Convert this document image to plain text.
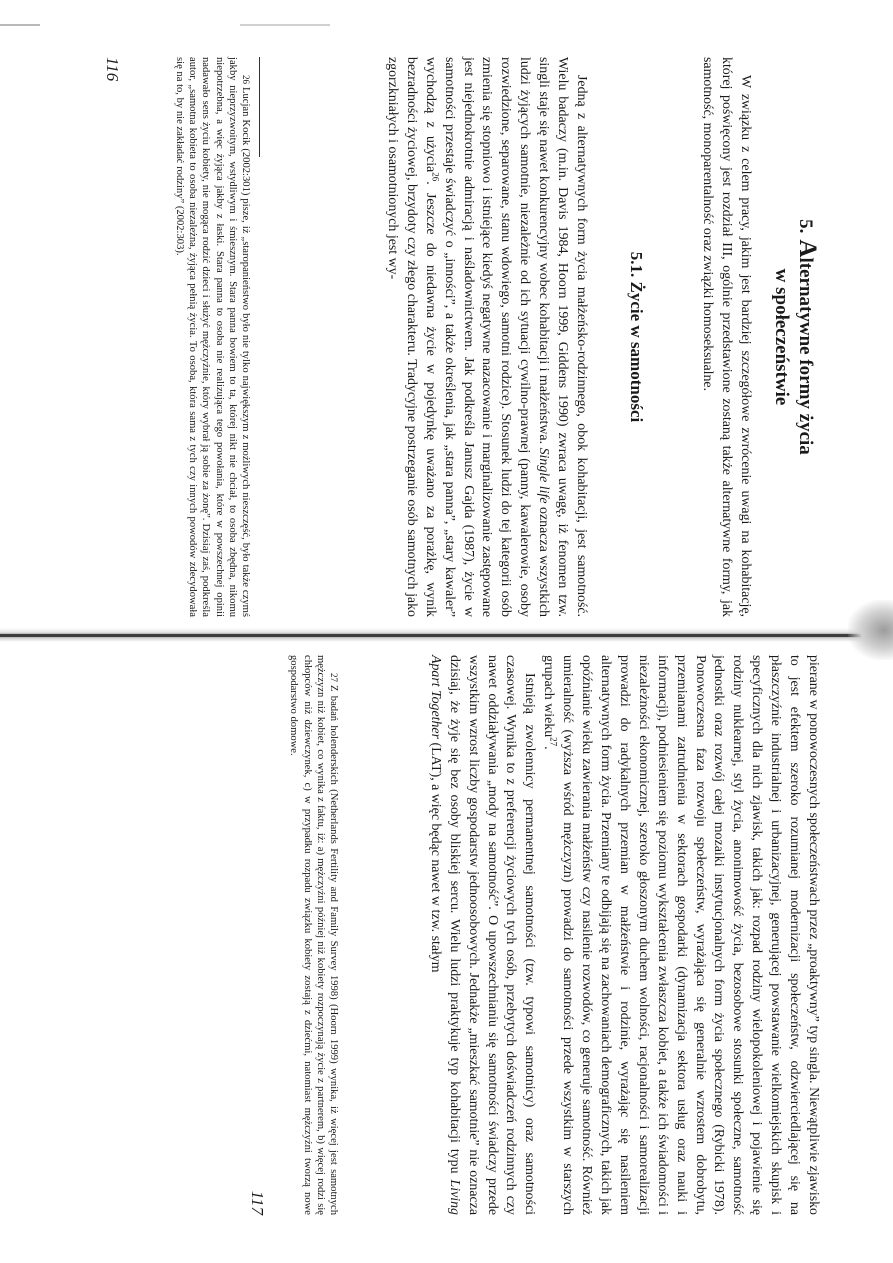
5.Alternatywne formy życia
w społeczeństwie

W związku z celem pracy, jakim jest bardziej szczegółowe zwrócenie uwagi na kohabitację, której poświęcony jest rozdział III, ogólnie przedstawione zostaną także alternatywne formy, jak samotność, monoparentalność oraz związki homoseksualne.

5.1. Życie w samotności

Jedną z alternatywnych form życia małżeńsko-rodzinnego, obok kohabitacji, jest samotność. Wielu badaczy (m.in. Davis 1984, Hoorn 1999, Giddens 1990) zwraca uwagę, iż fenomen tzw. singli staje się nawet konkurencyjny wobec kohabitacji i małżeństwa. Single life oznacza wszystkich ludzi żyjących samotnie, niezależnie od ich sytuacji cywilno-prawnej (panny, kawalerowie, osoby rozwiedzione, separowane, stanu wdowiego, samotni rodzice). Stosunek ludzi do tej kategorii osób zmienia się stopniowo i istniejące kiedyś negatywne nazacowanie i marginalizowanie zastępowane jest niejednokrotnie admiracją i naśladownictwem. Jak podkreśla Janusz Gajda (1987), życie w samotności przestaje świadczyć o „inności”, a także określenia, jak „stara panna”, „stary kawaler” wychodzą z użycia$^{26}$. Jeszcze do niedawna życie w pojedynkę uważano za porażkę, wynik bezradności życiowej, brzydoty czy złego charakteru. Tradycyjne postrzeganie osób samotnych jako zgorzkniałych i osamotnionych jest wy-

$^{26}$Lucjan Kocik (2002:301) pisze, iż „staropanieństwo było nie tylko największym z możliwych nieszczęść, było także czymś jakby nieprzyzwoitym, wstydliwym i śmiesznym. Stara panna bowiem to ta, której nikt nie chciał, to osoba zbędna, nikomu niepotrzebna, a więc żyjąca jakby z łaski. Stara panna to osoba nie realizująca tego powołania, które w powszechnej opinii nadawało sens życiu kobiety, nie mogąca rodzić dzieci i służyć mężczyźnie, który wybrał ją sobie za żonę”. Dzisiaj zaś, podkreśla autor, „samotna kobieta to osoba niezależna, żyjąca pełnią życia. To osoba, która sama z tych czy innych powodów zdecydowała się na to, by nie zakładać rodziny” (2002:303).

116

pierane w ponowoczesnych społeczeństwach przez „proaktywny” typ singla. Niewątpliwie zjawisko to jest efektem szeroko rozumianej modernizacji społeczeństw, odzwierciedlającej się na płaszczyźnie industrialnej i urbanizacyjnej, generującej powstawanie wielkomiejskich skupisk i specyficznych dla nich zjawisk, takich jak: rozpad rodziny wielopokoleniowej i pojawienie się rodziny nuklearnej, styl życia, anonimowość życia, bezosobowe stosunki społeczne, samotność jednostki oraz rozwój całej mozaiki instytucjonalnych form życia społecznego (Rybicki 1978). Ponowoczesna faza rozwoju społeczeństw, wyrażająca się generalnie wzrostem dobrobytu, przemianami zatrudnienia w sektorach gospodarki (dynamizacja sektora usług oraz nauki i informacji), podniesieniem się poziomu wykształcenia zwłaszcza kobiet, a także ich świadomości i niezależności ekonomicznej, szeroko głoszonym duchem wolności, racjonalności i samorealizacji prowadzi do radykalnych przemian w małżeństwie i rodzinie, wyrażając się nasileniem alternatywnych form życia. Przemiany te odbijają się na zachowaniach demograficznych, takich jak opóźnianie wieku zawierania małżeństw czy nasilenie rozwodów, co generuje samotność. Również umieralność (wyższa wśród mężczyzn) prowadzi do samotności przede wszystkim w starszych grupach wieku$^{27}$.

Istnieją zwolennicy permanentnej samotności (tzw. typowi samotnicy) oraz samotności czasowej. Wynika to z preferencji życiowych tych osób, przebytych doświadczeń rodzinnych czy nawet oddziaływania „mody na samotność”. O upowszechnianiu się samotności świadczy przede wszystkim wzrost liczby gospodarstw jednoosobowych. Jednakże „mieszkać samotnie” nie oznacza dzisiaj, że żyje się bez osoby bliskiej sercu. Wielu ludzi praktykuje typ kohabitacji typu Living Apart Together (LAT), a więc będąc nawet w tzw. stałym

$^{27}$Z badań holenderskich (Netherlands Fertility and Family Survey 1998) (Hoorn 1999) wynika, iż więcej jest samotnych mężczyzn niż kobiet, co wynika z faktu, iż: a) mężczyźni później niż kobiety rozpoczynają życie z partnerem, b) więcej rodzi się chłopców niż dziewczynek, c) w przypadku rozpadu związku kobiety zostają z dziećmi, natomiast mężczyźni tworzą nowe gospodarstwo domowe.

117
